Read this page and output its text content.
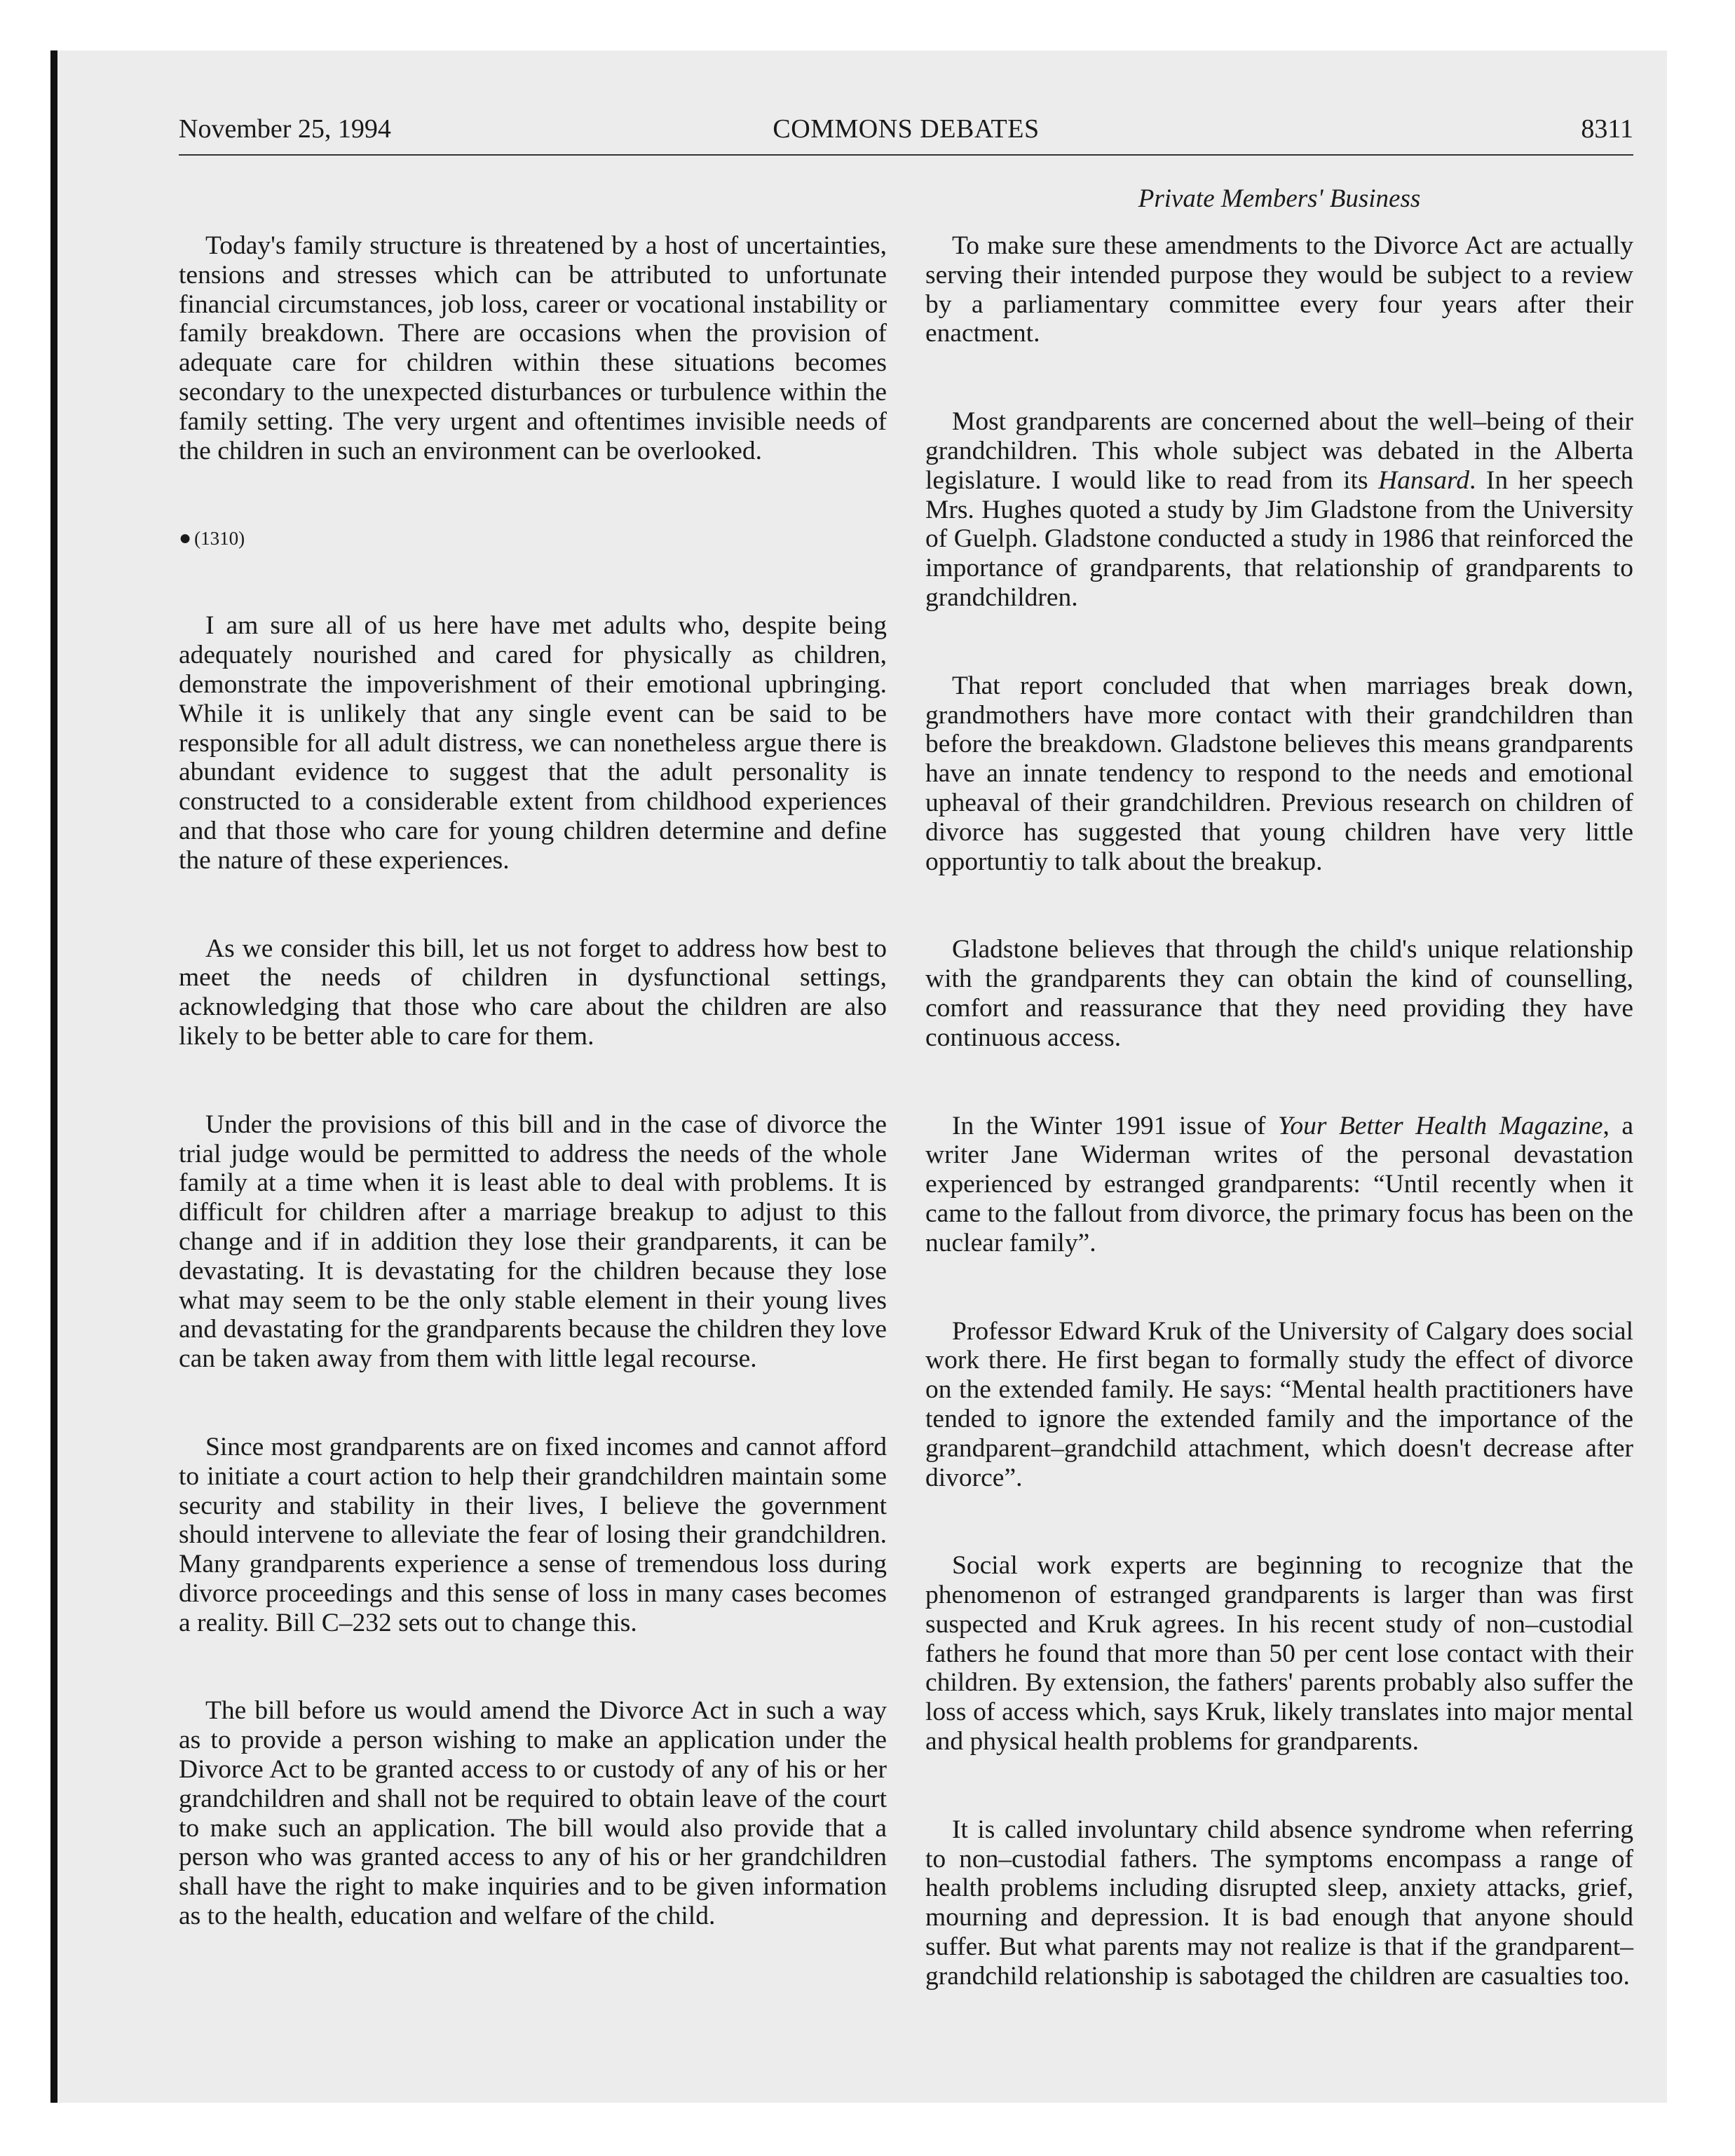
November 25, 1994	COMMONS DEBATES	8311
Private Members' Business

Today's family structure is threatened by a host of uncertainties, tensions and stresses which can be attributed to unfortunate financial circumstances, job loss, career or vocational instability or family breakdown. There are occasions when the provision of adequate care for children within these situations becomes secondary to the unexpected disturbances or turbulence within the family setting. The very urgent and oftentimes invisible needs of the children in such an environment can be overlooked.

● (1310)

I am sure all of us here have met adults who, despite being adequately nourished and cared for physically as children, demonstrate the impoverishment of their emotional upbringing. While it is unlikely that any single event can be said to be responsible for all adult distress, we can nonetheless argue there is abundant evidence to suggest that the adult personality is constructed to a considerable extent from childhood experiences and that those who care for young children determine and define the nature of these experiences.

As we consider this bill, let us not forget to address how best to meet the needs of children in dysfunctional settings, acknowledging that those who care about the children are also likely to be better able to care for them.

Under the provisions of this bill and in the case of divorce the trial judge would be permitted to address the needs of the whole family at a time when it is least able to deal with problems. It is difficult for children after a marriage breakup to adjust to this change and if in addition they lose their grandparents, it can be devastating. It is devastating for the children because they lose what may seem to be the only stable element in their young lives and devastating for the grandparents because the children they love can be taken away from them with little legal recourse.

Since most grandparents are on fixed incomes and cannot afford to initiate a court action to help their grandchildren maintain some security and stability in their lives, I believe the government should intervene to alleviate the fear of losing their grandchildren. Many grandparents experience a sense of tremendous loss during divorce proceedings and this sense of loss in many cases becomes a reality. Bill C–232 sets out to change this.

The bill before us would amend the Divorce Act in such a way as to provide a person wishing to make an application under the Divorce Act to be granted access to or custody of any of his or her grandchildren and shall not be required to obtain leave of the court to make such an application. The bill would also provide that a person who was granted access to any of his or her grandchildren shall have the right to make inquiries and to be given information as to the health, education and welfare of the child.

To make sure these amendments to the Divorce Act are actually serving their intended purpose they would be subject to a review by a parliamentary committee every four years after their enactment.

Most grandparents are concerned about the well–being of their grandchildren. This whole subject was debated in the Alberta legislature. I would like to read from its Hansard. In her speech Mrs. Hughes quoted a study by Jim Gladstone from the University of Guelph. Gladstone conducted a study in 1986 that reinforced the importance of grandparents, that relationship of grandparents to grandchildren.

That report concluded that when marriages break down, grandmothers have more contact with their grandchildren than before the breakdown. Gladstone believes this means grandparents have an innate tendency to respond to the needs and emotional upheaval of their grandchildren. Previous research on children of divorce has suggested that young children have very little opportuntiy to talk about the breakup.

Gladstone believes that through the child's unique relationship with the grandparents they can obtain the kind of counselling, comfort and reassurance that they need providing they have continuous access.

In the Winter 1991 issue of Your Better Health Magazine, a writer Jane Widerman writes of the personal devastation experienced by estranged grandparents: “Until recently when it came to the fallout from divorce, the primary focus has been on the nuclear family”.

Professor Edward Kruk of the University of Calgary does social work there. He first began to formally study the effect of divorce on the extended family. He says: “Mental health practitioners have tended to ignore the extended family and the importance of the grandparent–grandchild attachment, which doesn't decrease after divorce”.

Social work experts are beginning to recognize that the phenomenon of estranged grandparents is larger than was first suspected and Kruk agrees. In his recent study of non–custodial fathers he found that more than 50 per cent lose contact with their children. By extension, the fathers' parents probably also suffer the loss of access which, says Kruk, likely translates into major mental and physical health problems for grandparents.

It is called involuntary child absence syndrome when referring to non–custodial fathers. The symptoms encompass a range of health problems including disrupted sleep, anxiety attacks, grief, mourning and depression. It is bad enough that anyone should suffer. But what parents may not realize is that if the grandparent–grandchild relationship is sabotaged the children are casualties too.
